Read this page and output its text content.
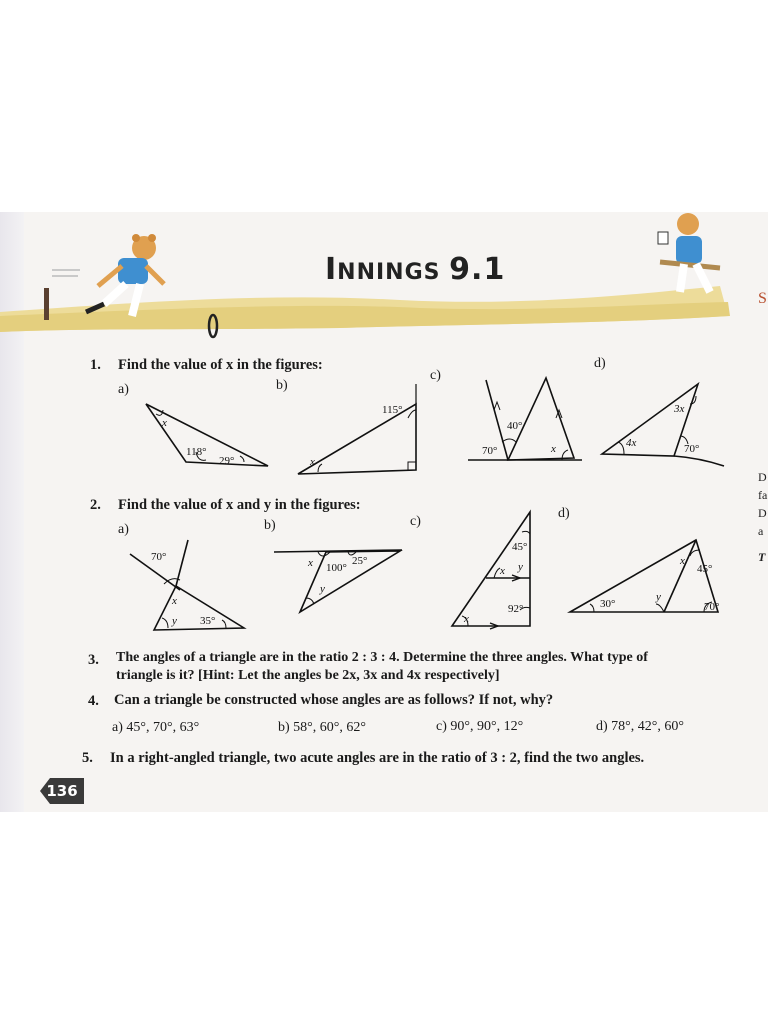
INNINGS 9.1
1. Find the value of x in the figures:
a)	b)
c)
d)
x
118°
29°
115°
x
40°
70°	x
3x
4x	70°
70°
x
y 35°
x 100°
25°
y
45°
x y
92°
x
x
45°
30°
y
70°
2. Find the value of x and y in the figures:
a)	b)	c)
d)
3. The angles of a triangle are in the ratio 2 : 3 : 4. Determine the three angles. What type of
triangle is it? [Hint: Let the angles be 2x, 3x and 4x respectively]
4. Can a triangle be constructed whose angles are as follows? If not, why?
a) 45°, 70°, 63°	b) 58°, 60°, 62°	c) 90°, 90°, 12°	d) 78°, 42°, 60°
5. In a right-angled triangle, two acute angles are in the ratio of 3 : 2, find the two angles.
136
S
D
fa
D
a
T
